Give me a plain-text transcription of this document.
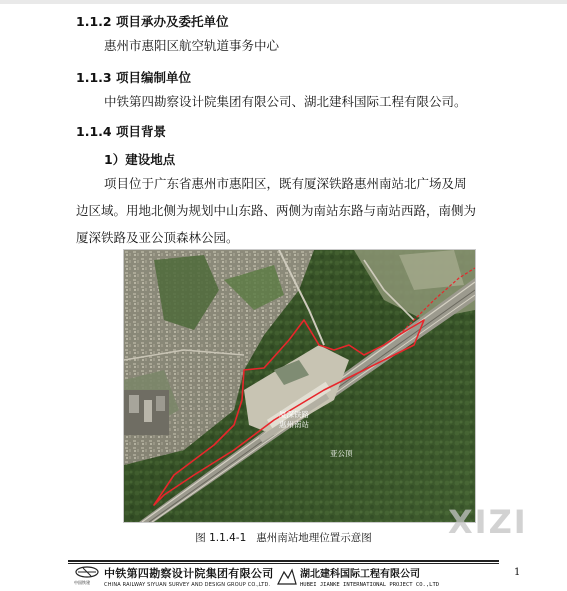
1.1.2 项目承办及委托单位
惠州市惠阳区航空轨道事务中心
1.1.3 项目编制单位
中铁第四勘察设计院集团有限公司、湖北建科国际工程有限公司。
1.1.4 项目背景
1）建设地点
项目位于广东省惠州市惠阳区，既有厦深铁路惠州南站北广场及周
边区域。用地北侧为规划中山东路、两侧为南站东路与南站西路，南侧为
厦深铁路及亚公顶森林公园。
厦深铁路
惠州南站
亚公顶
XIZI
图 1.1.4-1 惠州南站地理位置示意图
中国铁建
中铁第四勘察设计院集团有限公司
CHINA RAILWAY SIYUAN SURVEY AND DESIGN GROUP CO.,LTD.
湖北建科国际工程有限公司
HUBEI JIANKE INTERNATIONAL PROJECT CO.,LTD
1
